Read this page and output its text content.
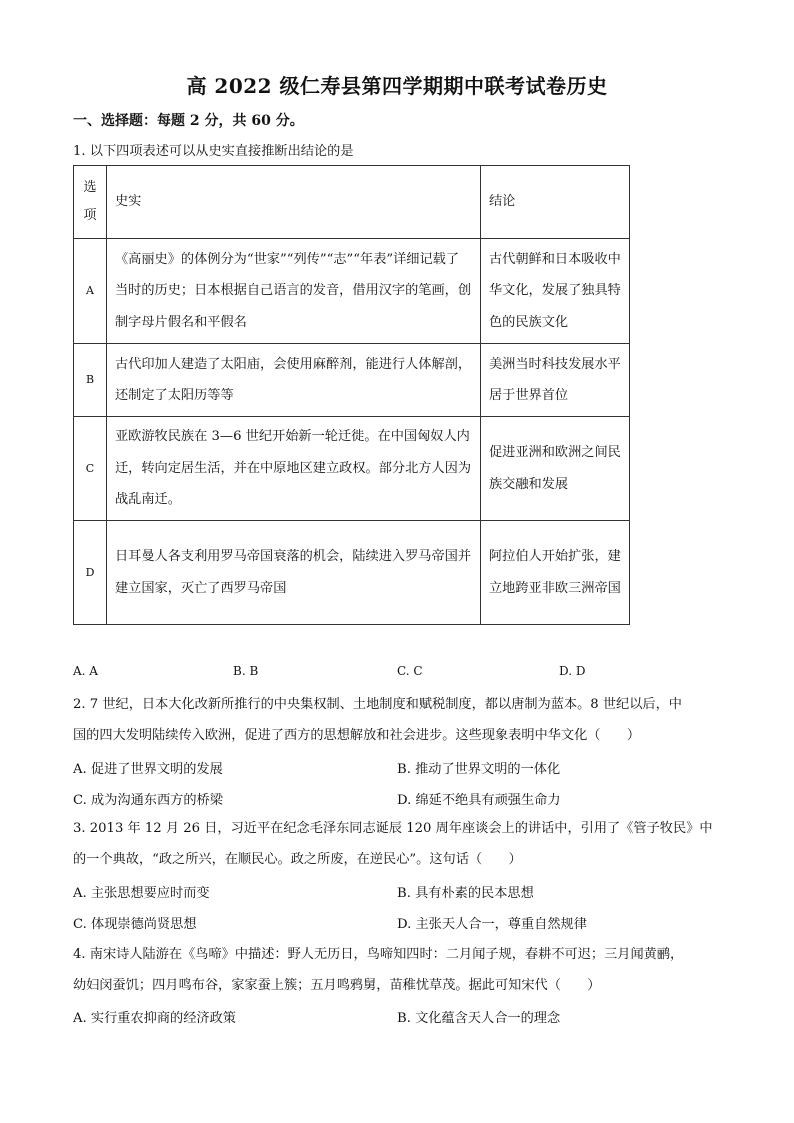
高 2022 级仁寿县第四学期期中联考试卷历史
一、选择题：每题 2 分，共 60 分。
1. 以下四项表述可以从史实直接推断出结论的是
选项	史实	结论
A	《高丽史》的体例分为“世家”“列传”“志”“年表”详细记载了当时的历史；日本根据自己语言的发音，借用汉字的笔画，创制字母片假名和平假名	古代朝鲜和日本吸收中华文化，发展了独具特色的民族文化
B	古代印加人建造了太阳庙，会使用麻醉剂，能进行人体解剖，还制定了太阳历等等	美洲当时科技发展水平居于世界首位
C	亚欧游牧民族在 3—6 世纪开始新一轮迁徙。在中国匈奴人内迁，转向定居生活，并在中原地区建立政权。部分北方人因为战乱南迁。	促进亚洲和欧洲之间民族交融和发展
D	日耳曼人各支利用罗马帝国衰落的机会，陆续进入罗马帝国并建立国家，灭亡了西罗马帝国	阿拉伯人开始扩张，建立地跨亚非欧三洲帝国
A. A	B. B	C. C	D. D
2. 7 世纪，日本大化改新所推行的中央集权制、土地制度和赋税制度，都以唐制为蓝本。8 世纪以后，中
国的四大发明陆续传入欧洲，促进了西方的思想解放和社会进步。这些现象表明中华文化（　　）
A. 促进了世界文明的发展	B. 推动了世界文明的一体化
C. 成为沟通东西方的桥梁	D. 绵延不绝具有顽强生命力
3. 2013 年 12 月 26 日，习近平在纪念毛泽东同志诞辰 120 周年座谈会上的讲话中，引用了《管子牧民》中
的一个典故，“政之所兴，在顺民心。政之所废，在逆民心”。这句话（　　）
A. 主张思想要应时而变	B. 具有朴素的民本思想
C. 体现崇德尚贤思想	D. 主张天人合一，尊重自然规律
4. 南宋诗人陆游在《鸟啼》中描述：野人无历日，鸟啼知四时：二月闻子规，春耕不可迟；三月闻黄鹂，
幼妇闵蚕饥；四月鸣布谷，家家蚕上簇；五月鸣鸦舅，苗稚忧草茂。据此可知宋代（　　）
A. 实行重农抑商的经济政策	B. 文化蕴含天人合一的理念
